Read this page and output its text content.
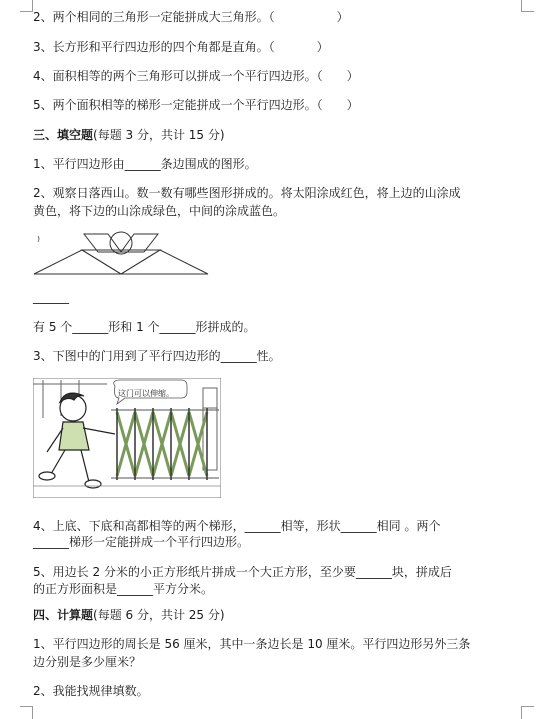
2、两个相同的三角形一定能拼成大三角形。（	）
3、长方形和平行四边形的四个角都是直角。（	）
4、面积相等的两个三角形可以拼成一个平行四边形。（ ）
5、两个面积相等的梯形一定能拼成一个平行四边形。（ ）
三、填空题(每题 3 分，共计 15 分)
1、平行四边形由______条边围成的图形。
2、观察日落西山。数一数有哪些图形拼成的。将太阳涂成红色，将上边的山涂成
黄色，将下边的山涂成绿色，中间的涂成蓝色。
______
有 5 个______形和 1 个______形拼成的。
3、下图中的门用到了平行四边形的______性。
这门可以伸缩。
4、上底、下底和高都相等的两个梯形，______相等，形状______相同 。两个
______梯形一定能拼成一个平行四边形。
5、用边长 2 分米的小正方形纸片拼成一个大正方形，至少要______块，拼成后
的正方形面积是______平方分米。
四、计算题(每题 6 分，共计 25 分)
1、平行四边形的周长是 56 厘米，其中一条边长是 10 厘米。平行四边形另外三条
边分别是多少厘米？
2、我能找规律填数。
